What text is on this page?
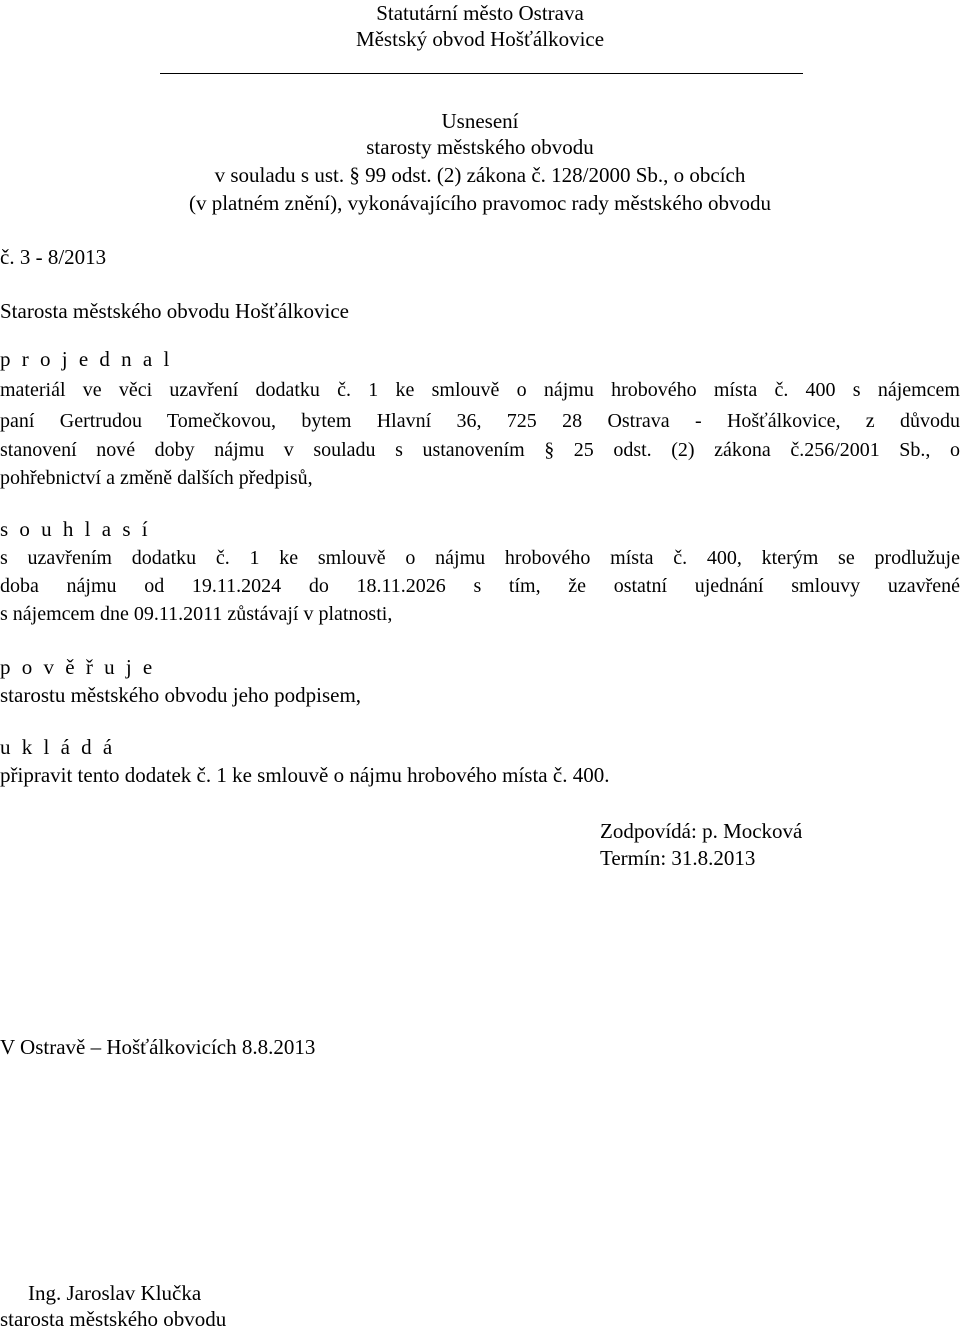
Statutární město Ostrava
Městský obvod Hošťálkovice
Usnesení
starosty městského obvodu
v souladu s ust. § 99 odst. (2) zákona č. 128/2000 Sb., o obcích
(v platném znění), vykonávajícího pravomoc rady městského obvodu
č. 3 - 8/2013
Starosta městského obvodu Hošťálkovice
p r o j e d n a l
materiál ve věci uzavření dodatku č. 1 ke smlouvě o nájmu hrobového místa č. 400 s nájemcem
paní Gertrudou Tomečkovou, bytem Hlavní 36, 725 28 Ostrava - Hošťálkovice, z důvodu
stanovení nové doby nájmu v souladu s ustanovením § 25 odst. (2) zákona č.256/2001 Sb., o
pohřebnictví a změně dalších předpisů,
s o u h l a s í
s uzavřením dodatku č. 1 ke smlouvě o nájmu hrobového místa č. 400, kterým se prodlužuje
doba nájmu od 19.11.2024 do 18.11.2026 s tím, že ostatní ujednání smlouvy uzavřené
s nájemcem dne 09.11.2011 zůstávají v platnosti,
p o v ě ř u j e
starostu městského obvodu jeho podpisem,
u k l á d á
připravit tento dodatek č. 1 ke smlouvě o nájmu hrobového místa č. 400.
Zodpovídá: p. Mocková
Termín: 31.8.2013
V Ostravě – Hošťálkovicích 8.8.2013
Ing. Jaroslav Klučka
starosta městského obvodu
